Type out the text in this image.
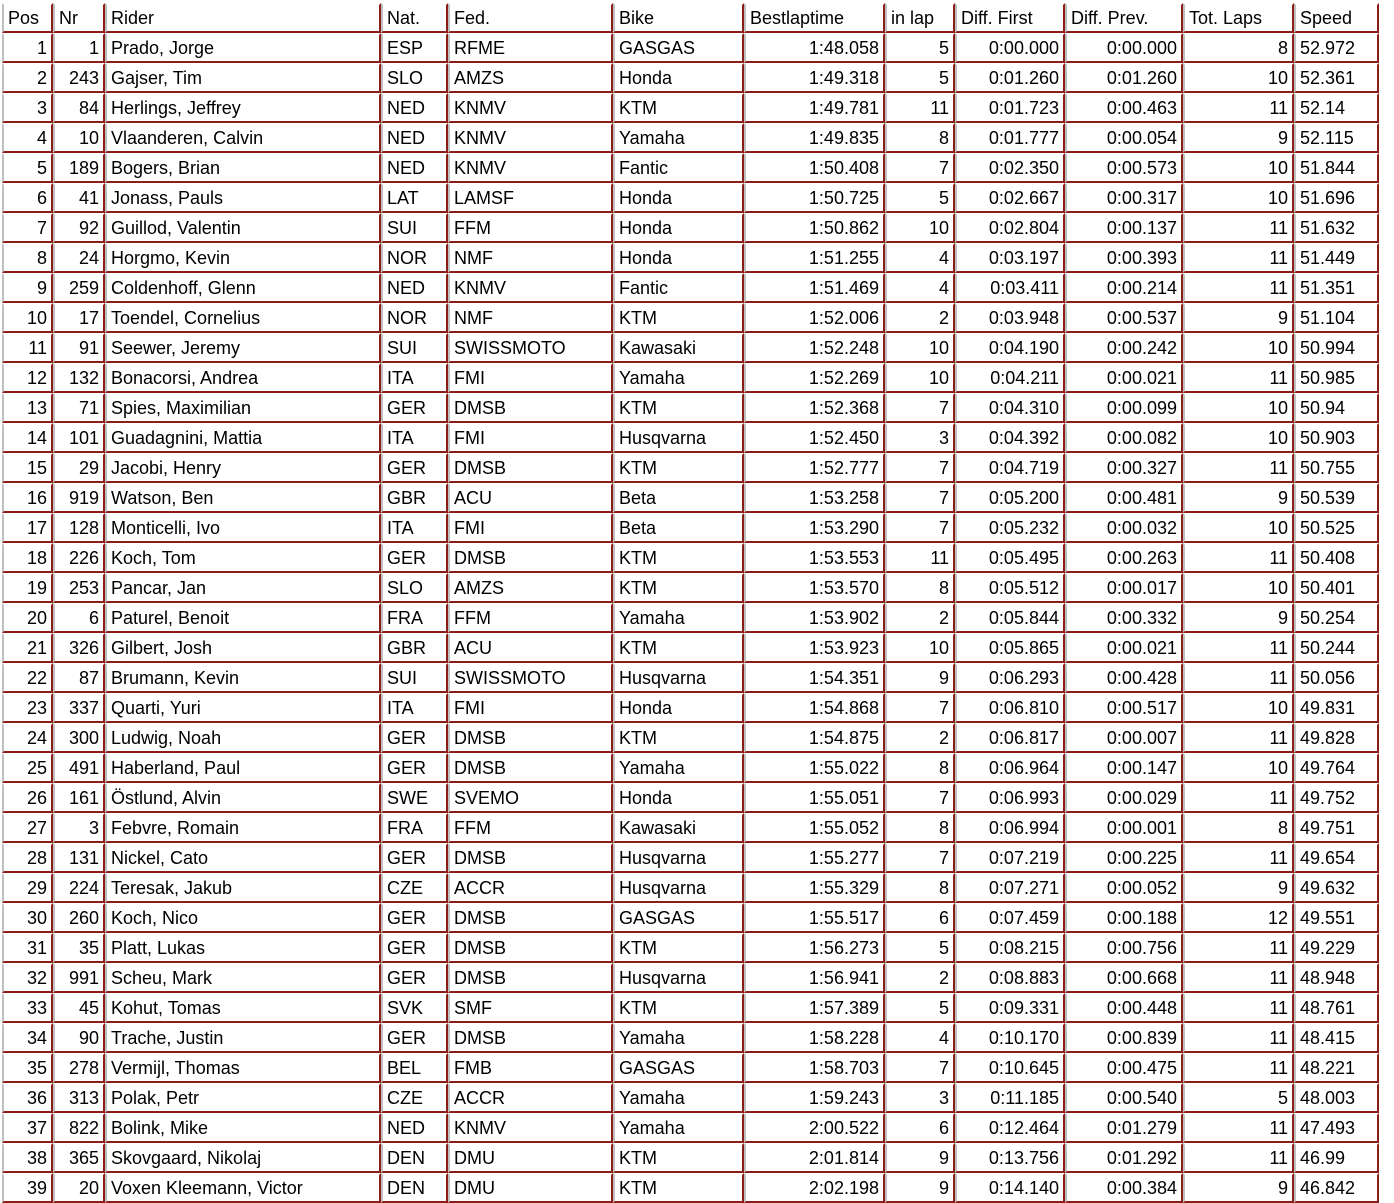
Pos	Nr	Rider	Nat.	Fed.	Bike	Bestlaptime	in lap	Diff. First	Diff. Prev.	Tot. Laps	Speed
1	1	Prado, Jorge	ESP	RFME	GASGAS	1:48.058	5	0:00.000	0:00.000	8	52.972
2	243	Gajser, Tim	SLO	AMZS	Honda	1:49.318	5	0:01.260	0:01.260	10	52.361
3	84	Herlings, Jeffrey	NED	KNMV	KTM	1:49.781	11	0:01.723	0:00.463	11	52.14
4	10	Vlaanderen, Calvin	NED	KNMV	Yamaha	1:49.835	8	0:01.777	0:00.054	9	52.115
5	189	Bogers, Brian	NED	KNMV	Fantic	1:50.408	7	0:02.350	0:00.573	10	51.844
6	41	Jonass, Pauls	LAT	LAMSF	Honda	1:50.725	5	0:02.667	0:00.317	10	51.696
7	92	Guillod, Valentin	SUI	FFM	Honda	1:50.862	10	0:02.804	0:00.137	11	51.632
8	24	Horgmo, Kevin	NOR	NMF	Honda	1:51.255	4	0:03.197	0:00.393	11	51.449
9	259	Coldenhoff, Glenn	NED	KNMV	Fantic	1:51.469	4	0:03.411	0:00.214	11	51.351
10	17	Toendel, Cornelius	NOR	NMF	KTM	1:52.006	2	0:03.948	0:00.537	9	51.104
11	91	Seewer, Jeremy	SUI	SWISSMOTO	Kawasaki	1:52.248	10	0:04.190	0:00.242	10	50.994
12	132	Bonacorsi, Andrea	ITA	FMI	Yamaha	1:52.269	10	0:04.211	0:00.021	11	50.985
13	71	Spies, Maximilian	GER	DMSB	KTM	1:52.368	7	0:04.310	0:00.099	10	50.94
14	101	Guadagnini, Mattia	ITA	FMI	Husqvarna	1:52.450	3	0:04.392	0:00.082	10	50.903
15	29	Jacobi, Henry	GER	DMSB	KTM	1:52.777	7	0:04.719	0:00.327	11	50.755
16	919	Watson, Ben	GBR	ACU	Beta	1:53.258	7	0:05.200	0:00.481	9	50.539
17	128	Monticelli, Ivo	ITA	FMI	Beta	1:53.290	7	0:05.232	0:00.032	10	50.525
18	226	Koch, Tom	GER	DMSB	KTM	1:53.553	11	0:05.495	0:00.263	11	50.408
19	253	Pancar, Jan	SLO	AMZS	KTM	1:53.570	8	0:05.512	0:00.017	10	50.401
20	6	Paturel, Benoit	FRA	FFM	Yamaha	1:53.902	2	0:05.844	0:00.332	9	50.254
21	326	Gilbert, Josh	GBR	ACU	KTM	1:53.923	10	0:05.865	0:00.021	11	50.244
22	87	Brumann, Kevin	SUI	SWISSMOTO	Husqvarna	1:54.351	9	0:06.293	0:00.428	11	50.056
23	337	Quarti, Yuri	ITA	FMI	Honda	1:54.868	7	0:06.810	0:00.517	10	49.831
24	300	Ludwig, Noah	GER	DMSB	KTM	1:54.875	2	0:06.817	0:00.007	11	49.828
25	491	Haberland, Paul	GER	DMSB	Yamaha	1:55.022	8	0:06.964	0:00.147	10	49.764
26	161	Östlund, Alvin	SWE	SVEMO	Honda	1:55.051	7	0:06.993	0:00.029	11	49.752
27	3	Febvre, Romain	FRA	FFM	Kawasaki	1:55.052	8	0:06.994	0:00.001	8	49.751
28	131	Nickel, Cato	GER	DMSB	Husqvarna	1:55.277	7	0:07.219	0:00.225	11	49.654
29	224	Teresak, Jakub	CZE	ACCR	Husqvarna	1:55.329	8	0:07.271	0:00.052	9	49.632
30	260	Koch, Nico	GER	DMSB	GASGAS	1:55.517	6	0:07.459	0:00.188	12	49.551
31	35	Platt, Lukas	GER	DMSB	KTM	1:56.273	5	0:08.215	0:00.756	11	49.229
32	991	Scheu, Mark	GER	DMSB	Husqvarna	1:56.941	2	0:08.883	0:00.668	11	48.948
33	45	Kohut, Tomas	SVK	SMF	KTM	1:57.389	5	0:09.331	0:00.448	11	48.761
34	90	Trache, Justin	GER	DMSB	Yamaha	1:58.228	4	0:10.170	0:00.839	11	48.415
35	278	Vermijl, Thomas	BEL	FMB	GASGAS	1:58.703	7	0:10.645	0:00.475	11	48.221
36	313	Polak, Petr	CZE	ACCR	Yamaha	1:59.243	3	0:11.185	0:00.540	5	48.003
37	822	Bolink, Mike	NED	KNMV	Yamaha	2:00.522	6	0:12.464	0:01.279	11	47.493
38	365	Skovgaard, Nikolaj	DEN	DMU	KTM	2:01.814	9	0:13.756	0:01.292	11	46.99
39	20	Voxen Kleemann, Victor	DEN	DMU	KTM	2:02.198	9	0:14.140	0:00.384	9	46.842
